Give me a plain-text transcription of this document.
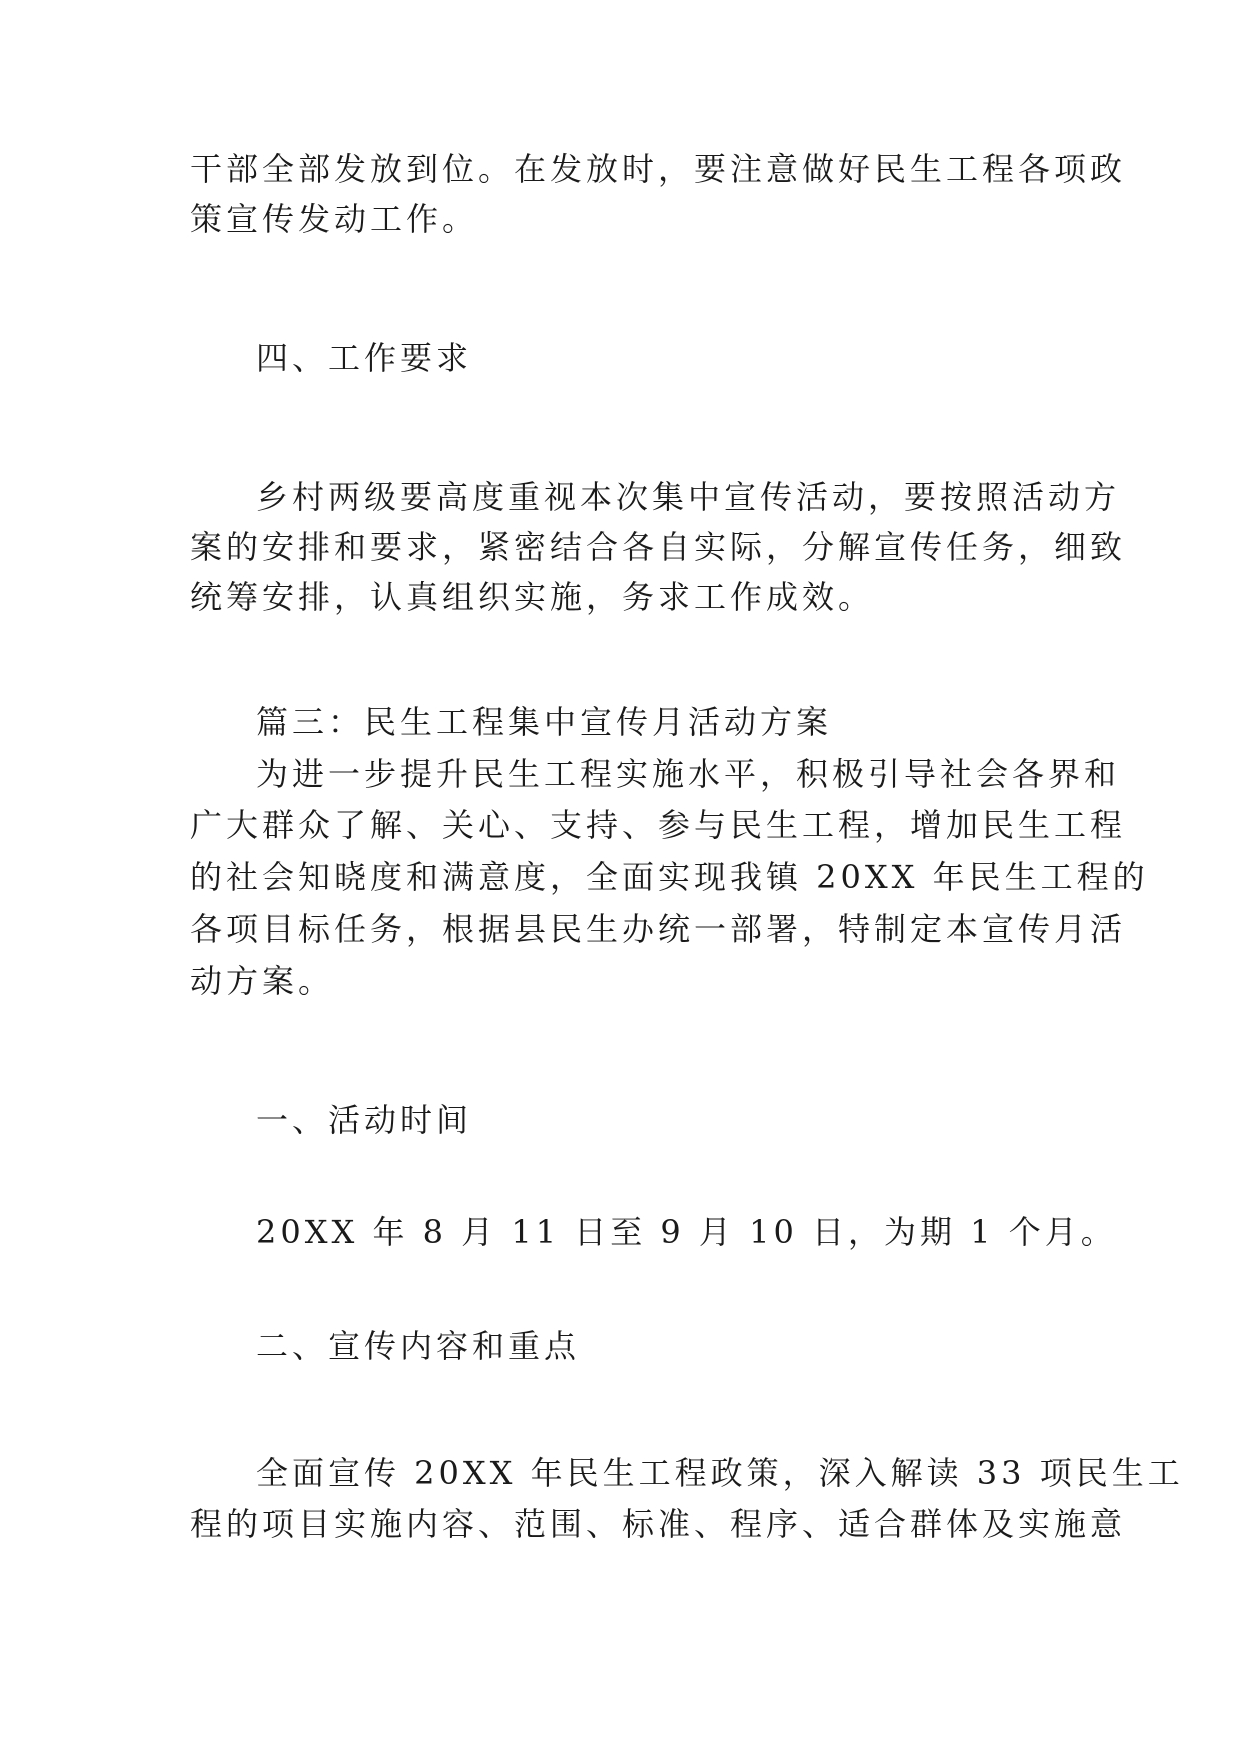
干部全部发放到位。在发放时，要注意做好民生工程各项政
策宣传发动工作。
四、工作要求
乡村两级要高度重视本次集中宣传活动，要按照活动方
案的安排和要求，紧密结合各自实际，分解宣传任务，细致
统筹安排，认真组织实施，务求工作成效。
篇三：民生工程集中宣传月活动方案
为进一步提升民生工程实施水平，积极引导社会各界和
广大群众了解、关心、支持、参与民生工程，增加民生工程
的社会知晓度和满意度，全面实现我镇 20XX 年民生工程的
各项目标任务，根据县民生办统一部署，特制定本宣传月活
动方案。
一、活动时间
20XX 年 8 月 11 日至 9 月 10 日，为期 1 个月。
二、宣传内容和重点
全面宣传 20XX 年民生工程政策，深入解读 33 项民生工
程的项目实施内容、范围、标准、程序、适合群体及实施意
